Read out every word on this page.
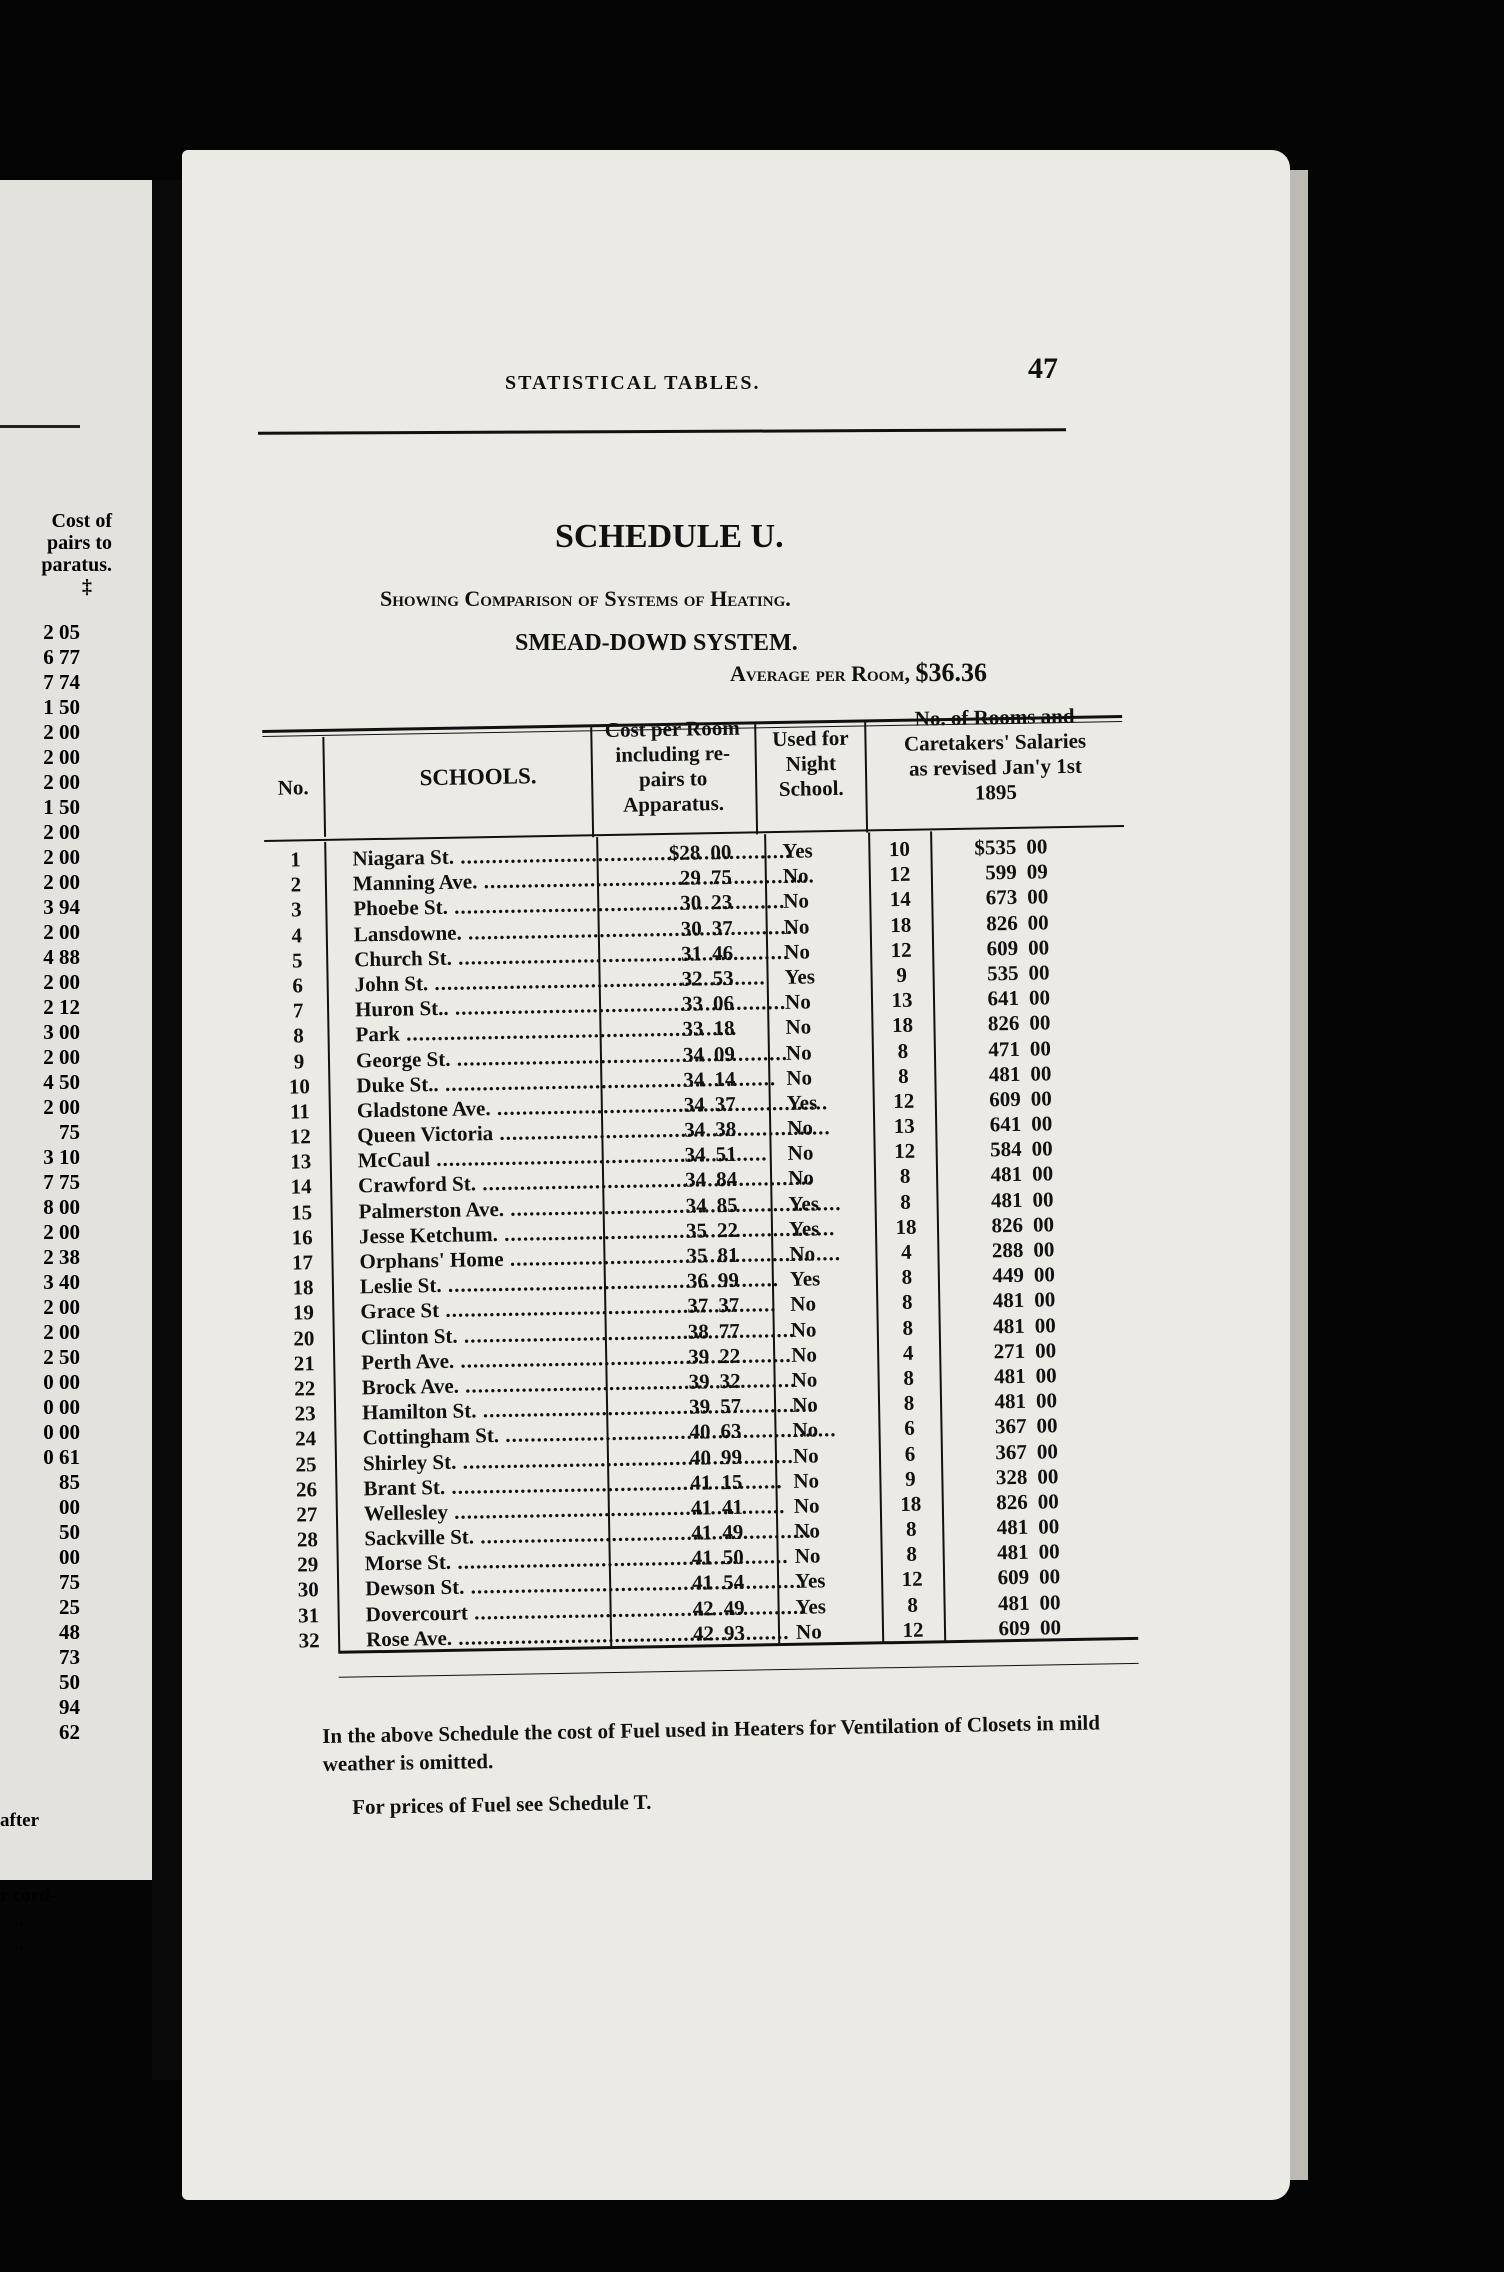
Cost of
pairs to
paratus.
‡
2 05
6 77
7 74
1 50
2 00
2 00
2 00
1 50
2 00
2 00
2 00
3 94
2 00
4 88
2 00
2 12
3 00
2 00
4 50
2 00
75
3 10
7 75
8 00
2 00
2 38
3 40
2 00
2 00
2 50
0 00
0 00
0 00
0 61
85
00
50
00
75
25
48
73
50
94
62
after
r cord-
"
"
STATISTICAL TABLES.	47
SCHEDULE U.
Showing Comparison of Systems of Heating.
SMEAD-DOWD SYSTEM.
Average per Room, $36.36
No.	SCHOOLS.
Cost per Room
including re-
pairs to
Apparatus.
Used for
Night
School.
No. of Rooms and
Caretakers' Salaries
as revised Jan'y 1st
1895
1	Niagara St. .....	$28 00	Yes	10	$535 00
2	Manning Ave. .....	29 75	No	12	599 09
3	Phoebe St. .....	30 23	No	14	673 00
4	Lansdowne. .....	30 37	No	18	826 00
5	Church St. .....	31 46	No	12	609 00
6	John St. .....	32 53	Yes	9	535 00
7	Huron St.. .....	33 06	No	13	641 00
8	Park .....	33 18	No	18	826 00
9	George St. .....	34 09	No	8	471 00
10	Duke St.. .....	34 14	No	8	481 00
11	Gladstone Ave. .....	34 37	Yes	12	609 00
12	Queen Victoria .....	34 38	No	13	641 00
13	McCaul .....	34 51	No	12	584 00
14	Crawford St. .....	34 84	No	8	481 00
15	Palmerston Ave. .....	34 85	Yes	8	481 00
16	Jesse Ketchum. .....	35 22	Yes	18	826 00
17	Orphans' Home .....	35 81	No	4	288 00
18	Leslie St. .....	36 99	Yes	8	449 00
19	Grace St .....	37 37	No	8	481 00
20	Clinton St. .....	38 77	No	8	481 00
21	Perth Ave. .....	39 22	No	4	271 00
22	Brock Ave. .....	39 32	No	8	481 00
23	Hamilton St. .....	39 57	No	8	481 00
24	Cottingham St. .....	40 63	No	6	367 00
25	Shirley St. .....	40 99	No	6	367 00
26	Brant St. .....	41 15	No	9	328 00
27	Wellesley .....	41 41	No	18	826 00
28	Sackville St. .....	41 49	No	8	481 00
29	Morse St. .....	41 50	No	8	481 00
30	Dewson St. .....	41 54	Yes	12	609 00
31	Dovercourt .....	42 49	Yes	8	481 00
32	Rose Ave. .....	42 93	No	12	609 00
In the above Schedule the cost of Fuel used in Heaters for Ventilation of Closets in mild weather is omitted.
For prices of Fuel see Schedule T.
